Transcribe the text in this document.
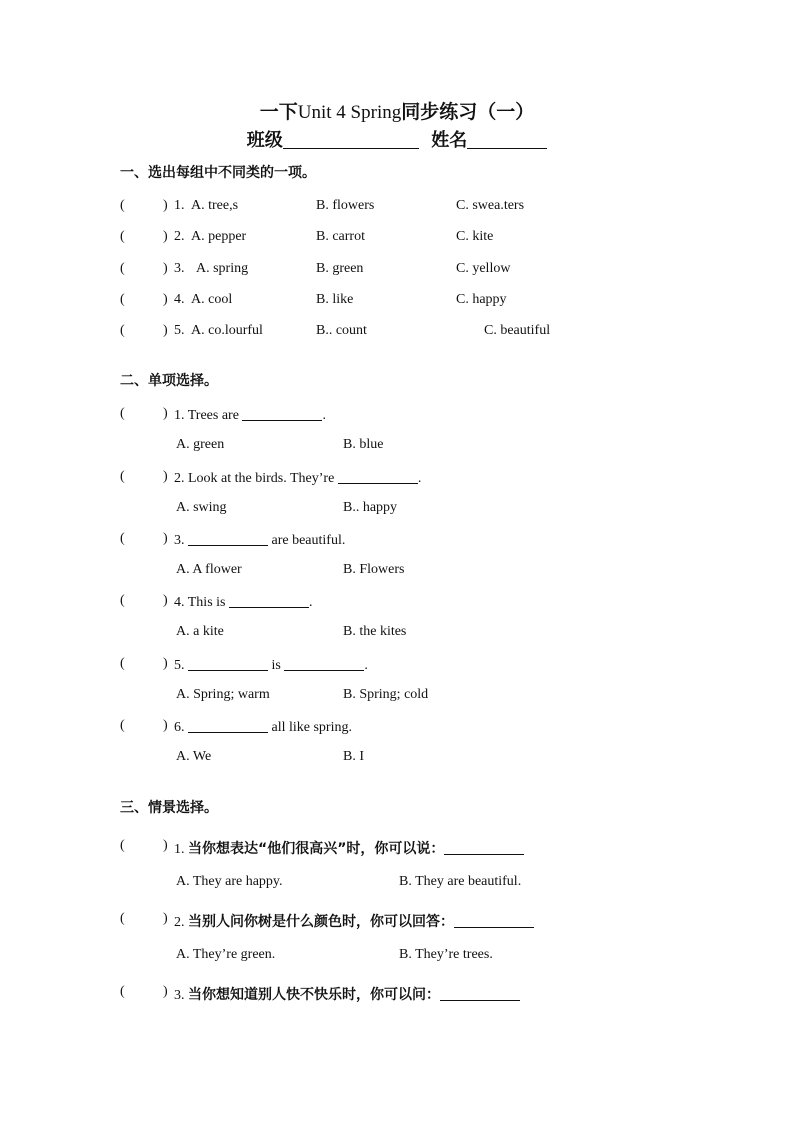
一下Unit 4 Spring同步练习（一）
班级	姓名
一、选出每组中不同类的一项。
(	) 1. A. tree,s	B. flowers	C. swea.ters
(	) 2. A. pepper	B. carrot	C. kite
(	) 3. A. spring	B. green	C. yellow
(	) 4. A. cool	B. like	C. happy
(	) 5. A. co.lourful	B.. count	C. beautiful
二、单项选择。
(	) 1. Trees are	.
A. green	B. blue
(	) 2. Look at the birds. They’re	.
A. swing	B.. happy
(	) 3.	are beautiful.
A. A flower	B. Flowers
(	) 4. This is	.
A. a kite	B. the kites
(	) 5.	is	.
A. Spring; warm	B. Spring; cold
(	) 6.	all like spring.
A. We	B. I
三、情景选择。
(	) 1. 当你想表达“他们很高兴”时，你可以说：
A. They are happy.	B. They are beautiful.
(	) 2. 当别人问你树是什么颜色时，你可以回答：
A. They’re green.	B. They’re trees.
(	) 3. 当你想知道别人快不快乐时，你可以问：
